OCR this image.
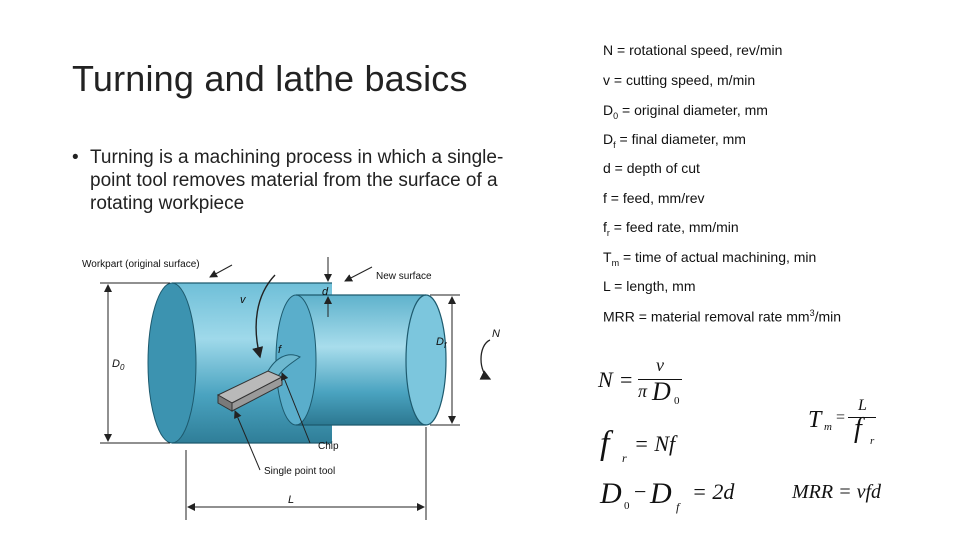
Turning and lathe basics
• Turning is a machining process in which a single-point tool removes material from the surface of a rotating workpiece
N = rotational speed, rev/min
v = cutting speed, m/min
$D_0$ = original diameter, mm
$D_f$ = final diameter, mm
d = depth of cut
f = feed, mm/rev
$f_r$ = feed rate, mm/min
$T_m$ = time of actual machining, min
L = length, mm
MRR = material removal rate $mm^3/\min$
Workpart (original surface)
New surface
Chip
Single point tool
v
d
f
$D_0$
$D_f$
N
L
N =
v
π D 0
f r
= Nf
D 0
− D f
= 2d
T m
=
L
f r
MRR = vfd
